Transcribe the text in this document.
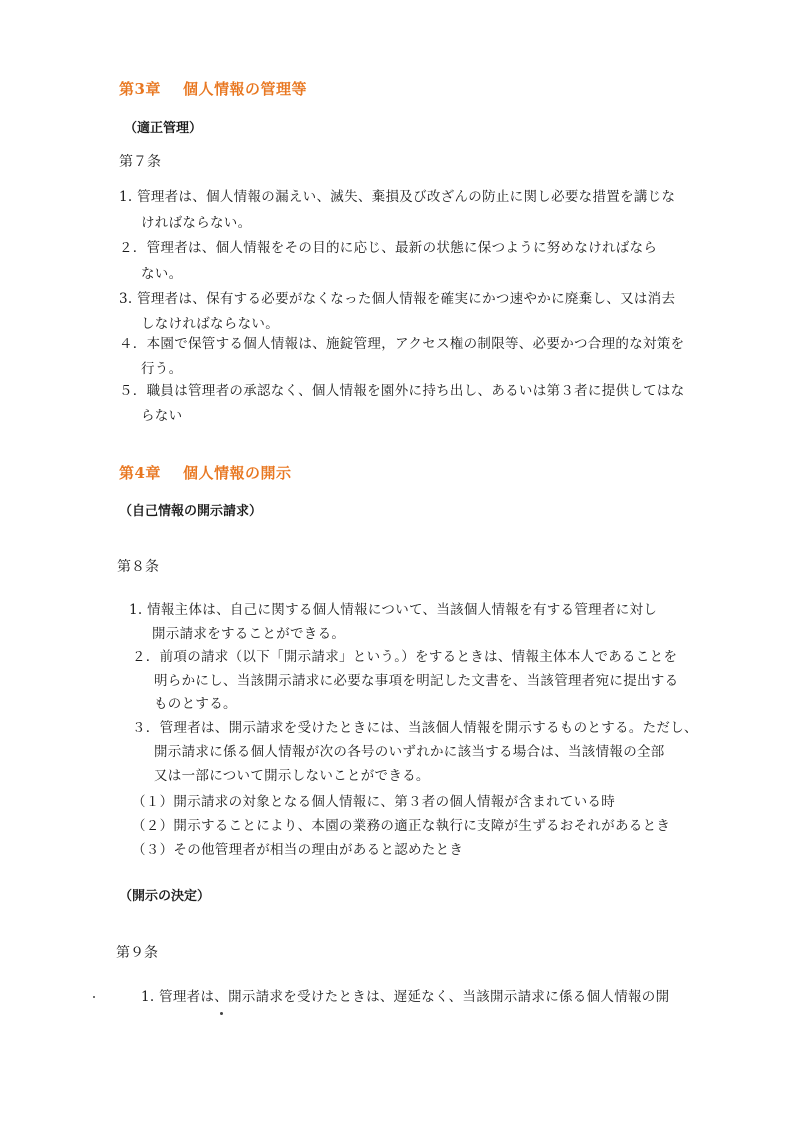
第3章 個人情報の管理等
（適正管理）
第７条
1. 管理者は、個人情報の漏えい、滅失、棄損及び改ざんの防止に関し必要な措置を講じな
ければならない。
２．管理者は、個人情報をその目的に応じ、最新の状態に保つように努めなければなら
ない。
3. 管理者は、保有する必要がなくなった個人情報を確実にかつ速やかに廃棄し、又は消去
しなければならない。
４．本園で保管する個人情報は、施錠管理，アクセス権の制限等、必要かつ合理的な対策を
行う。
５．職員は管理者の承認なく、個人情報を園外に持ち出し、あるいは第３者に提供してはな
らない
第4章 個人情報の開示
（自己情報の開示請求）
第８条
1. 情報主体は、自己に関する個人情報について、当該個人情報を有する管理者に対し
開示請求をすることができる。
２．前項の請求（以下「開示請求」という。）をするときは、情報主体本人であることを
明らかにし、当該開示請求に必要な事項を明記した文書を、当該管理者宛に提出する
ものとする。
３．管理者は、開示請求を受けたときには、当該個人情報を開示するものとする。ただし、
開示請求に係る個人情報が次の各号のいずれかに該当する場合は、当該情報の全部
又は一部について開示しないことができる。
（１）開示請求の対象となる個人情報に、第３者の個人情報が含まれている時
（２）開示することにより、本園の業務の適正な執行に支障が生ずるおそれがあるとき
（３）その他管理者が相当の理由があると認めたとき
（開示の決定）
第９条
1. 管理者は、開示請求を受けたときは、遅延なく、当該開示請求に係る個人情報の開
